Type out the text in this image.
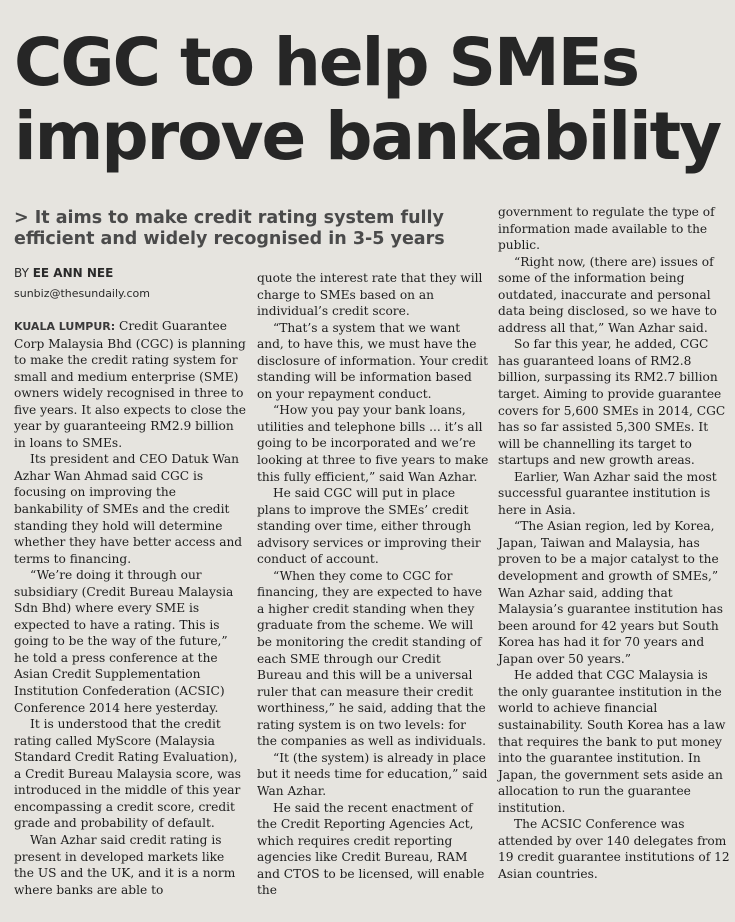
CGC to help SMEs improve bankability
> It aims to make credit rating system fully efficient and widely recognised in 3-5 years
BY EE ANN NEE
sunbiz@thesundaily.com

KUALA LUMPUR: Credit Guarantee Corp Malaysia Bhd (CGC) is planning to make the credit rating system for small and medium enterprise (SME) owners widely recognised in three to five years. It also expects to close the year by guaranteeing RM2.9 billion in loans to SMEs.

Its president and CEO Datuk Wan Azhar Wan Ahmad said CGC is focusing on improving the bankability of SMEs and the credit standing they hold will determine whether they have better access and terms to financing.

“We’re doing it through our subsidiary (Credit Bureau Malaysia Sdn Bhd) where every SME is expected to have a rating. This is going to be the way of the future,” he told a press conference at the Asian Credit Supplementation Institution Confederation (ACSIC) Conference 2014 here yesterday.

It is understood that the credit rating called MyScore (Malaysia Standard Credit Rating Evaluation), a Credit Bureau Malaysia score, was introduced in the middle of this year encompassing a credit score, credit grade and probability of default.

Wan Azhar said credit rating is present in developed markets like the US and the UK, and it is a norm where banks are able to

quote the interest rate that they will charge to SMEs based on an individual’s credit score.

“That’s a system that we want and, to have this, we must have the disclosure of information. Your credit standing will be information based on your repayment conduct.

“How you pay your bank loans, utilities and telephone bills ... it’s all going to be incorporated and we’re looking at three to five years to make this fully efficient,” said Wan Azhar.

He said CGC will put in place plans to improve the SMEs’ credit standing over time, either through advisory services or improving their conduct of account.

“When they come to CGC for financing, they are expected to have a higher credit standing when they graduate from the scheme. We will be monitoring the credit standing of each SME through our Credit Bureau and this will be a universal ruler that can measure their credit worthiness,” he said, adding that the rating system is on two levels: for the companies as well as individuals.

“It (the system) is already in place but it needs time for education,” said Wan Azhar.

He said the recent enactment of the Credit Reporting Agencies Act, which requires credit reporting agencies like Credit Bureau, RAM and CTOS to be licensed, will enable the

government to regulate the type of information made available to the public.

“Right now, (there are) issues of some of the information being outdated, inaccurate and personal data being disclosed, so we have to address all that,” Wan Azhar said.

So far this year, he added, CGC has guaranteed loans of RM2.8 billion, surpassing its RM2.7 billion target. Aiming to provide guarantee covers for 5,600 SMEs in 2014, CGC has so far assisted 5,300 SMEs. It will be channelling its target to startups and new growth areas.

Earlier, Wan Azhar said the most successful guarantee institution is here in Asia.

“The Asian region, led by Korea, Japan, Taiwan and Malaysia, has proven to be a major catalyst to the development and growth of SMEs,” Wan Azhar said, adding that Malaysia’s guarantee institution has been around for 42 years but South Korea has had it for 70 years and Japan over 50 years.”

He added that CGC Malaysia is the only guarantee institution in the world to achieve financial sustainability. South Korea has a law that requires the bank to put money into the guarantee institution. In Japan, the government sets aside an allocation to run the guarantee institution.

The ACSIC Conference was attended by over 140 delegates from 19 credit guarantee institutions of 12 Asian countries.
